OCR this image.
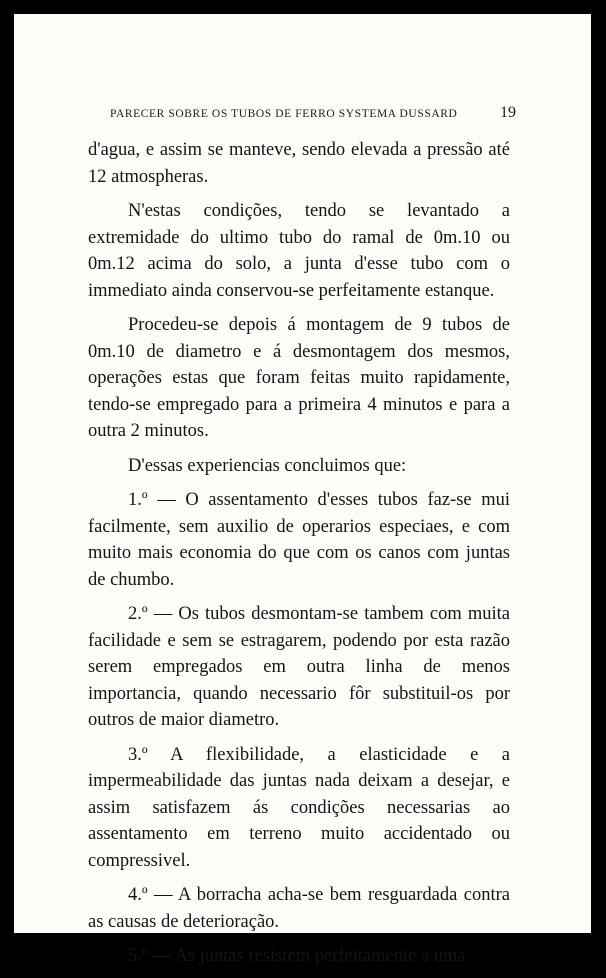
PARECER SOBRE OS TUBOS DE FERRO SYSTEMA DUSSARD	19

d'agua, e assim se manteve, sendo elevada a pressão até 12 atmospheras.

N'estas condições, tendo se levantado a extremidade do ultimo tubo do ramal de 0m.10 ou 0m.12 acima do solo, a junta d'esse tubo com o immediato ainda conservou-se perfeitamente estanque.

Procedeu-se depois á montagem de 9 tubos de 0m.10 de diametro e á desmontagem dos mesmos, operações estas que foram feitas muito rapidamente, tendo-se empregado para a primeira 4 minutos e para a outra 2 minutos.

D'essas experiencias concluimos que:

1.º — O assentamento d'esses tubos faz-se mui facilmente, sem auxilio de operarios especiaes, e com muito mais economia do que com os canos com juntas de chumbo.

2.º — Os tubos desmontam-se tambem com muita facilidade e sem se estragarem, podendo por esta razão serem empregados em outra linha de menos importancia, quando necessario fôr substituil-os por outros de maior diametro.

3.º A flexibilidade, a elasticidade e a impermeabilidade das juntas nada deixam a desejar, e assim satisfazem ás condições necessarias ao assentamento em terreno muito accidentado ou compressivel.

4.º — A borracha acha-se bem resguardada contra as causas de deterioração.

5.º — As juntas resistem perfeitamente a uma
